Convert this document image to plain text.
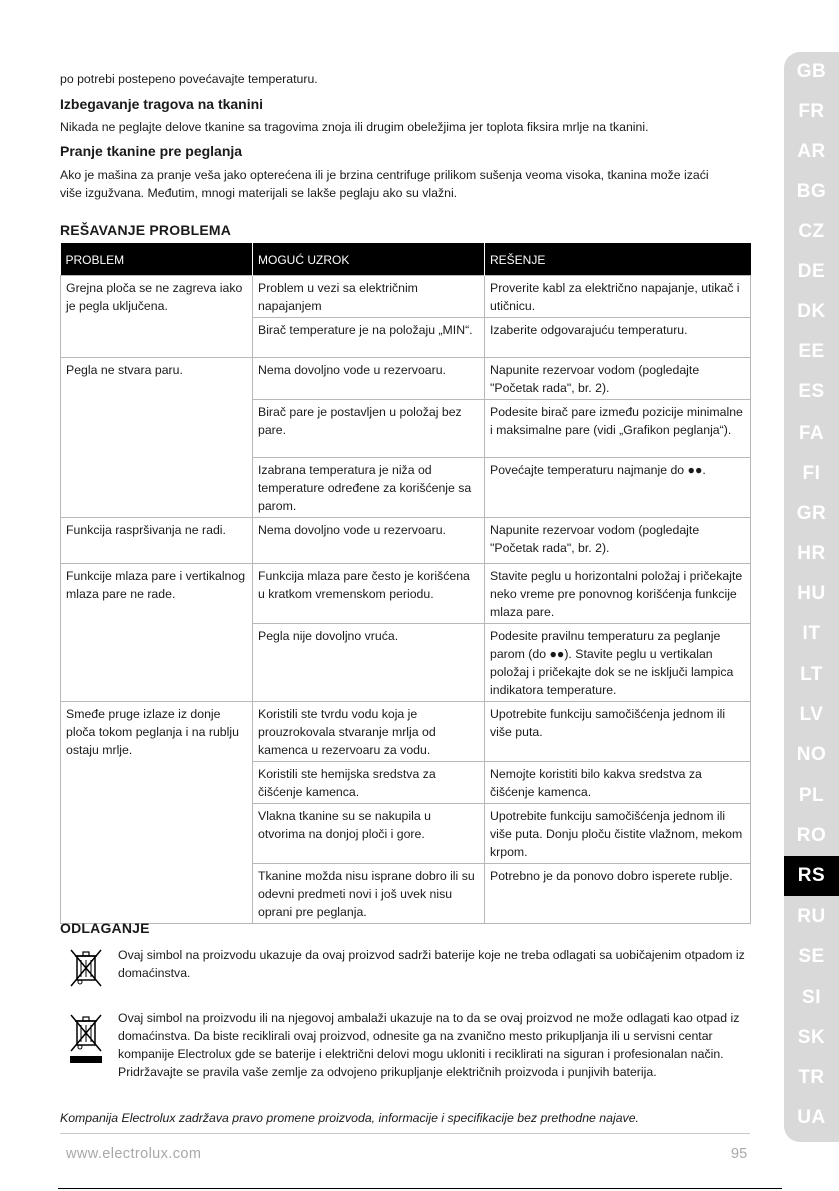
po potrebi postepeno povećavajte temperaturu.

Izbegavanje tragova na tkanini

Nikada ne peglajte delove tkanine sa tragovima znoja ili drugim obeležjima jer toplota fiksira mrlje na tkanini.

Pranje tkanine pre peglanja

Ako je mašina za pranje veša jako opterećena ili je brzina centrifuge prilikom sušenja veoma visoka, tkanina može izaći

više izgužvana. Međutim, mnogi materijali se lakše peglaju ako su vlažni.

REŠAVANJE PROBLEMA

PROBLEM	MOGUĆ UZROK	REŠENJE
Grejna ploča se ne zagreva iako je pegla uključena.	Problem u vezi sa električnim napajanjem	Proverite kabl za električno napajanje, utikač i utičnicu.
	Birač temperature je na položaju „MIN“.	Izaberite odgovarajuću temperaturu.
Pegla ne stvara paru.	Nema dovoljno vode u rezervoaru.	Napunite rezervoar vodom (pogledajte "Početak rada", br. 2).
	Birač pare je postavljen u položaj bez pare.	Podesite birač pare između pozicije minimalne i maksimalne pare (vidi „Grafikon peglanja“).
	Izabrana temperatura je niža od temperature određene za korišćenje sa parom.	Povećajte temperaturu najmanje do ●●.
Funkcija raspršivanja ne radi.	Nema dovoljno vode u rezervoaru.	Napunite rezervoar vodom (pogledajte "Početak rada", br. 2).
Funkcije mlaza pare i vertikalnog mlaza pare ne rade.	Funkcija mlaza pare često je korišćena u kratkom vremenskom periodu.	Stavite peglu u horizontalni položaj i pričekajte neko vreme pre ponovnog korišćenja funkcije mlaza pare.
	Pegla nije dovoljno vruća.	Podesite pravilnu temperaturu za peglanje parom (do ●●). Stavite peglu u vertikalan položaj i pričekajte dok se ne isključi lampica indikatora temperature.
Smeđe pruge izlaze iz donje ploča tokom peglanja i na rublju ostaju mrlje.	Koristili ste tvrdu vodu koja je prouzrokovala stvaranje mrlja od kamenca u rezervoaru za vodu.	Upotrebite funkciju samočišćenja jednom ili više puta.
	Koristili ste hemijska sredstva za čišćenje kamenca.	Nemojte koristiti bilo kakva sredstva za čišćenje kamenca.
	Vlakna tkanine su se nakupila u otvorima na donjoj ploči i gore.	Upotrebite funkciju samočišćenja jednom ili više puta. Donju ploču čistite vlažnom, mekom krpom.
	Tkanine možda nisu isprane dobro ili su odevni predmeti novi i još uvek nisu oprani pre peglanja.	Potrebno je da ponovo dobro isperete rublje.

ODLAGANJE

Ovaj simbol na proizvodu ukazuje da ovaj proizvod sadrži baterije koje ne treba odlagati sa uobičajenim otpadom iz domaćinstva.

Ovaj simbol na proizvodu ili na njegovoj ambalaži ukazuje na to da se ovaj proizvod ne može odlagati kao otpad iz domaćinstva. Da biste reciklirali ovaj proizvod, odnesite ga na zvanično mesto prikupljanja ili u servisni centar kompanije Electrolux gde se baterije i električni delovi mogu ukloniti i reciklirati na siguran i profesionalan način. Pridržavajte se pravila vaše zemlje za odvojeno prikupljanje električnih proizvoda i punjivih baterija.

Kompanija Electrolux zadržava pravo promene proizvoda, informacije i specifikacije bez prethodne najave.

www.electrolux.com	95
GB
FR
AR
BG
CZ
DE
DK
EE
ES
FA
FI
GR
HR
HU
IT
LT
LV
NO
PL
RO
RS
RU
SE
SI
SK
TR
UA
